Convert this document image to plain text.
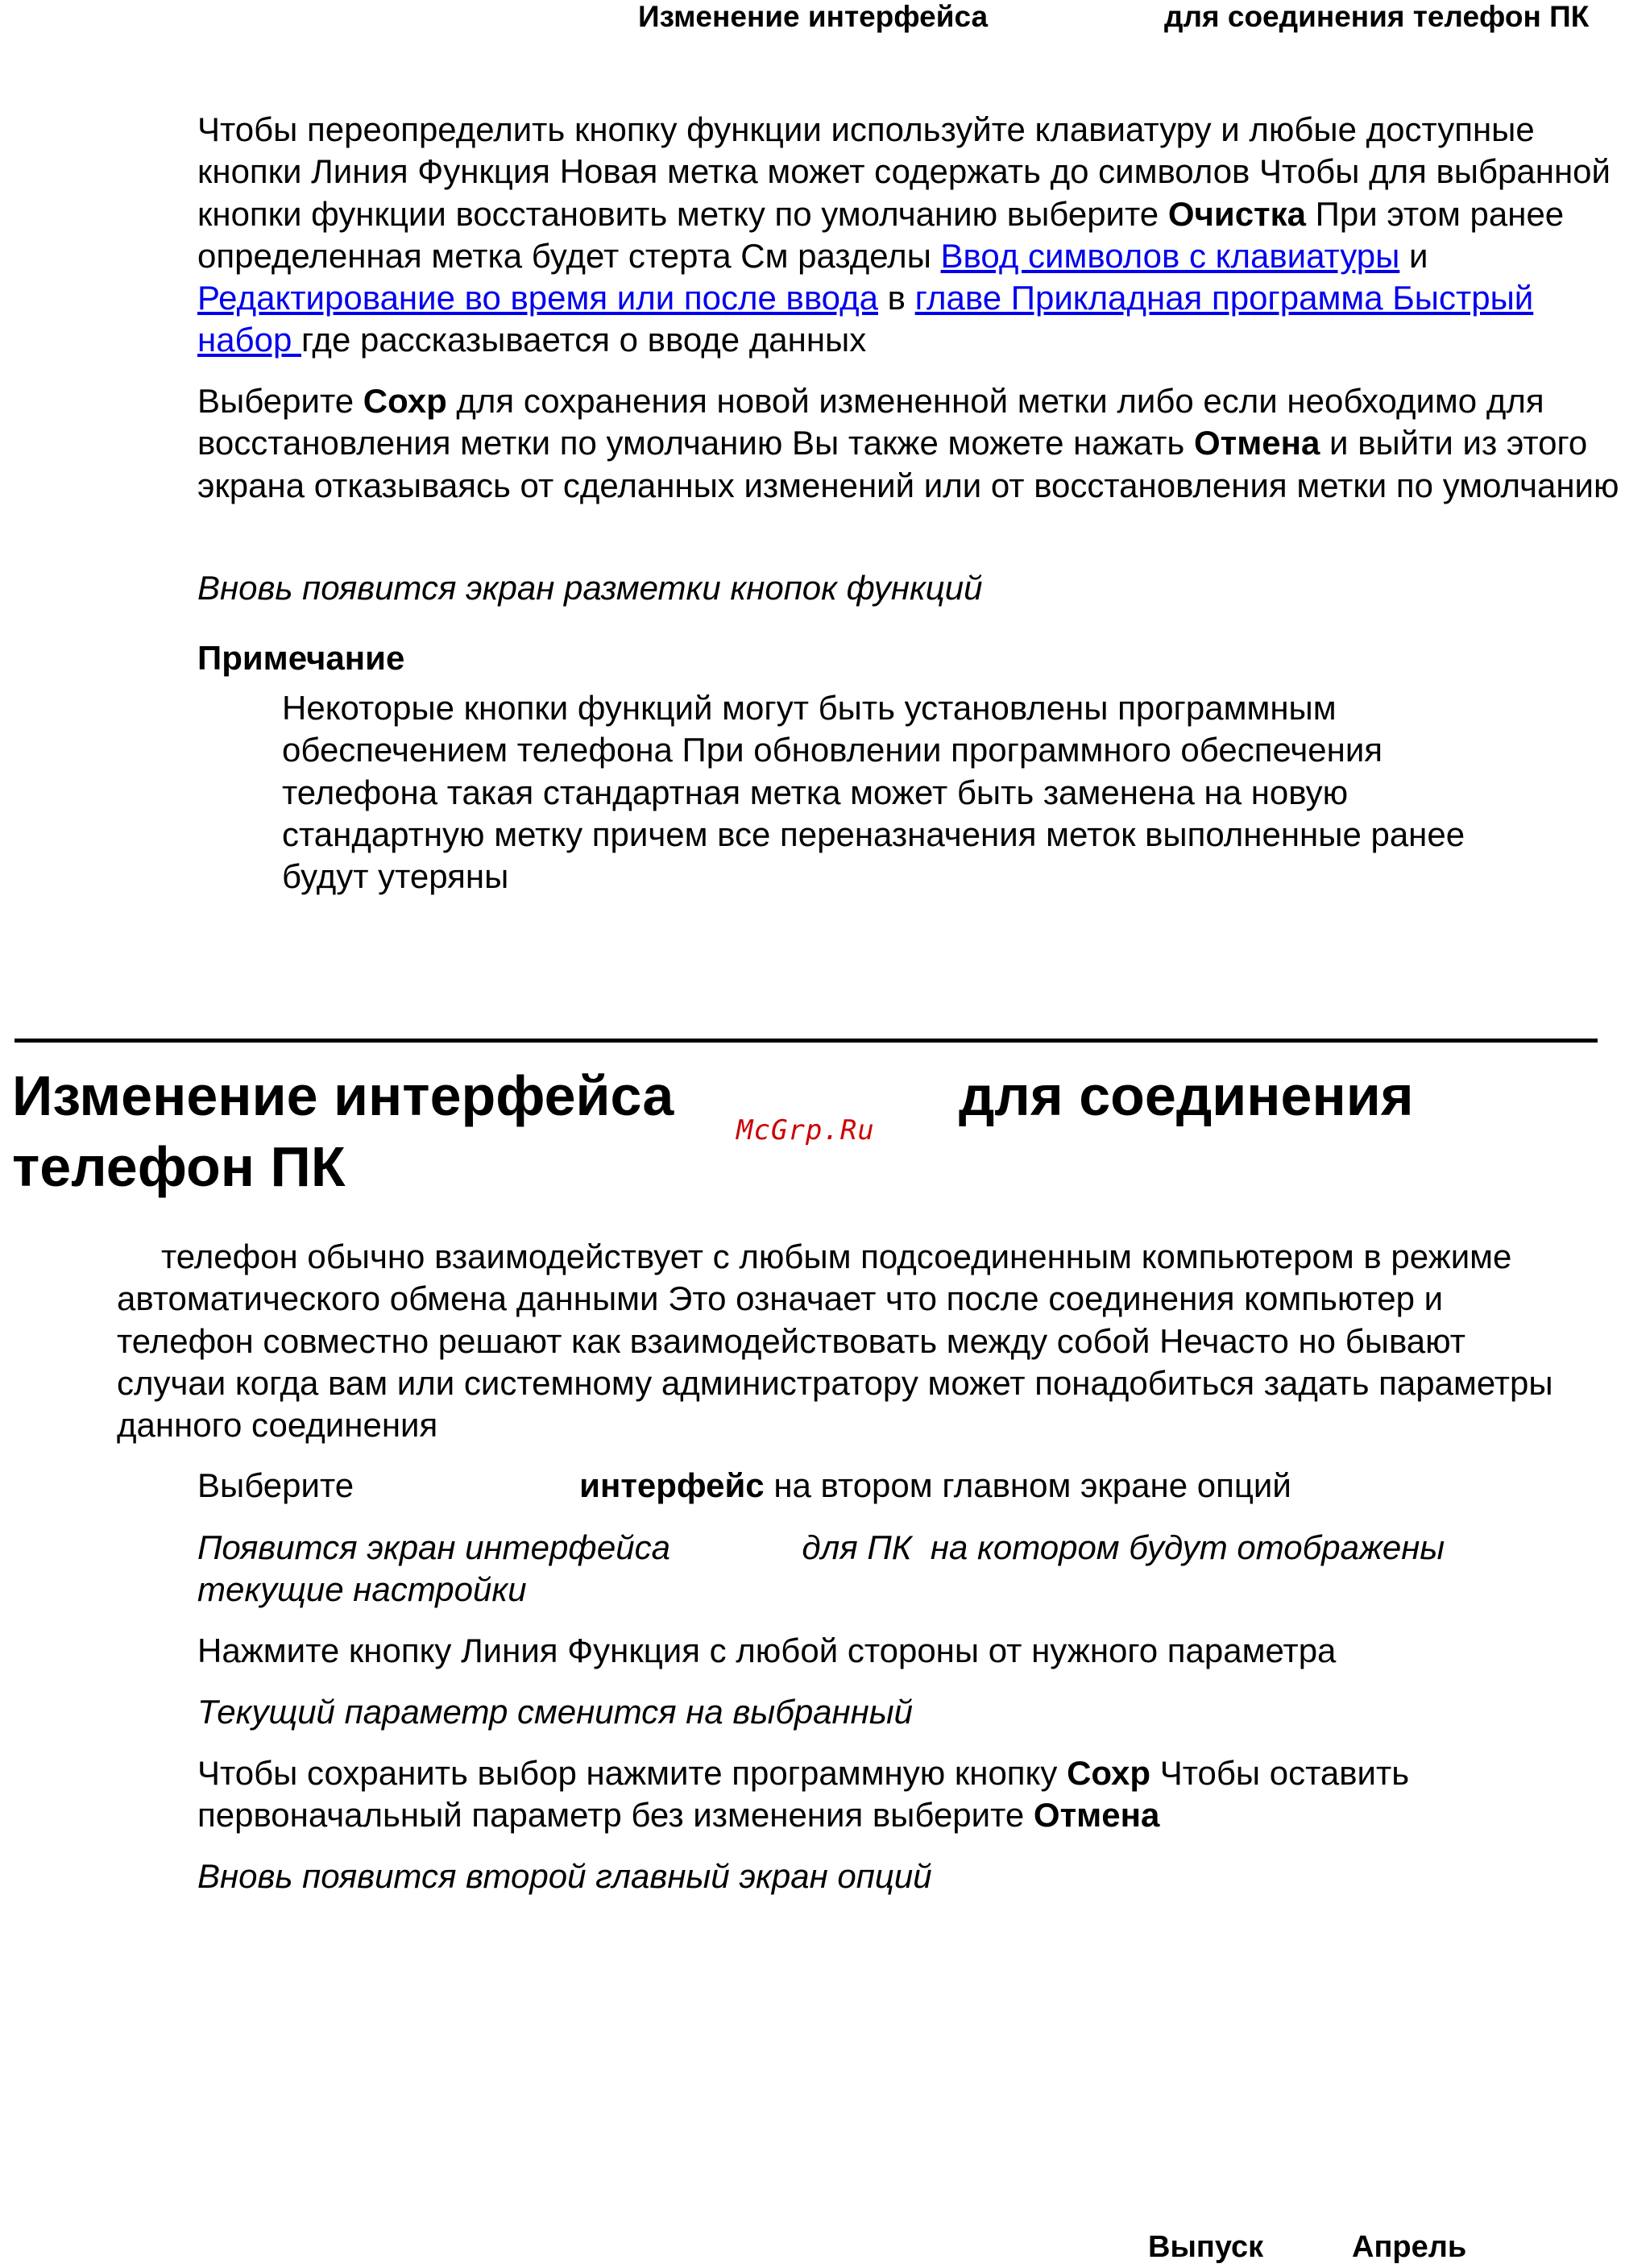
Изменение интерфейса	для соединения телефон ПК
Чтобы переопределить кнопку функции используйте клавиатуру и любые доступные кнопки Линия Функция Новая метка может содержать до символов Чтобы для выбранной кнопки функции восстановить метку по умолчанию выберите Очистка При этом ранее определенная метка будет стерта См разделы Ввод символов с клавиатуры и Редактирование во время или после ввода в главе Прикладная программа Быстрый набор где рассказывается о вводе данных
Выберите Сохр для сохранения новой измененной метки либо если необходимо для восстановления метки по умолчанию Вы также можете нажать Отмена и выйти из этого экрана отказываясь от сделанных изменений или от восстановления метки по умолчанию
Вновь появится экран разметки кнопок функций
Примечание
Некоторые кнопки функций могут быть установлены программным обеспечением телефона При обновлении программного обеспечения телефона такая стандартная метка может быть заменена на новую стандартную метку причем все переназначения меток выполненные ранее будут утеряны
Изменение интерфейса	для соединения
телефон ПК
McGrp.Ru
телефон обычно взаимодействует с любым подсоединенным компьютером в режиме автоматического обмена данными Это означает что после соединения компьютер и телефон совместно решают как взаимодействовать между собой Нечасто но бывают случаи когда вам или системному администратору может понадобиться задать параметры данного соединения
Выберите                        интерфейс на втором главном экране опций
Появится экран интерфейса              для ПК  на котором будут отображены текущие настройки
Нажмите кнопку Линия Функция с любой стороны от нужного параметра
Текущий параметр сменится на выбранный
Чтобы сохранить выбор нажмите программную кнопку Сохр Чтобы оставить первоначальный параметр без изменения выберите Отмена
Вновь появится второй главный экран опций
Выпуск	Апрель
